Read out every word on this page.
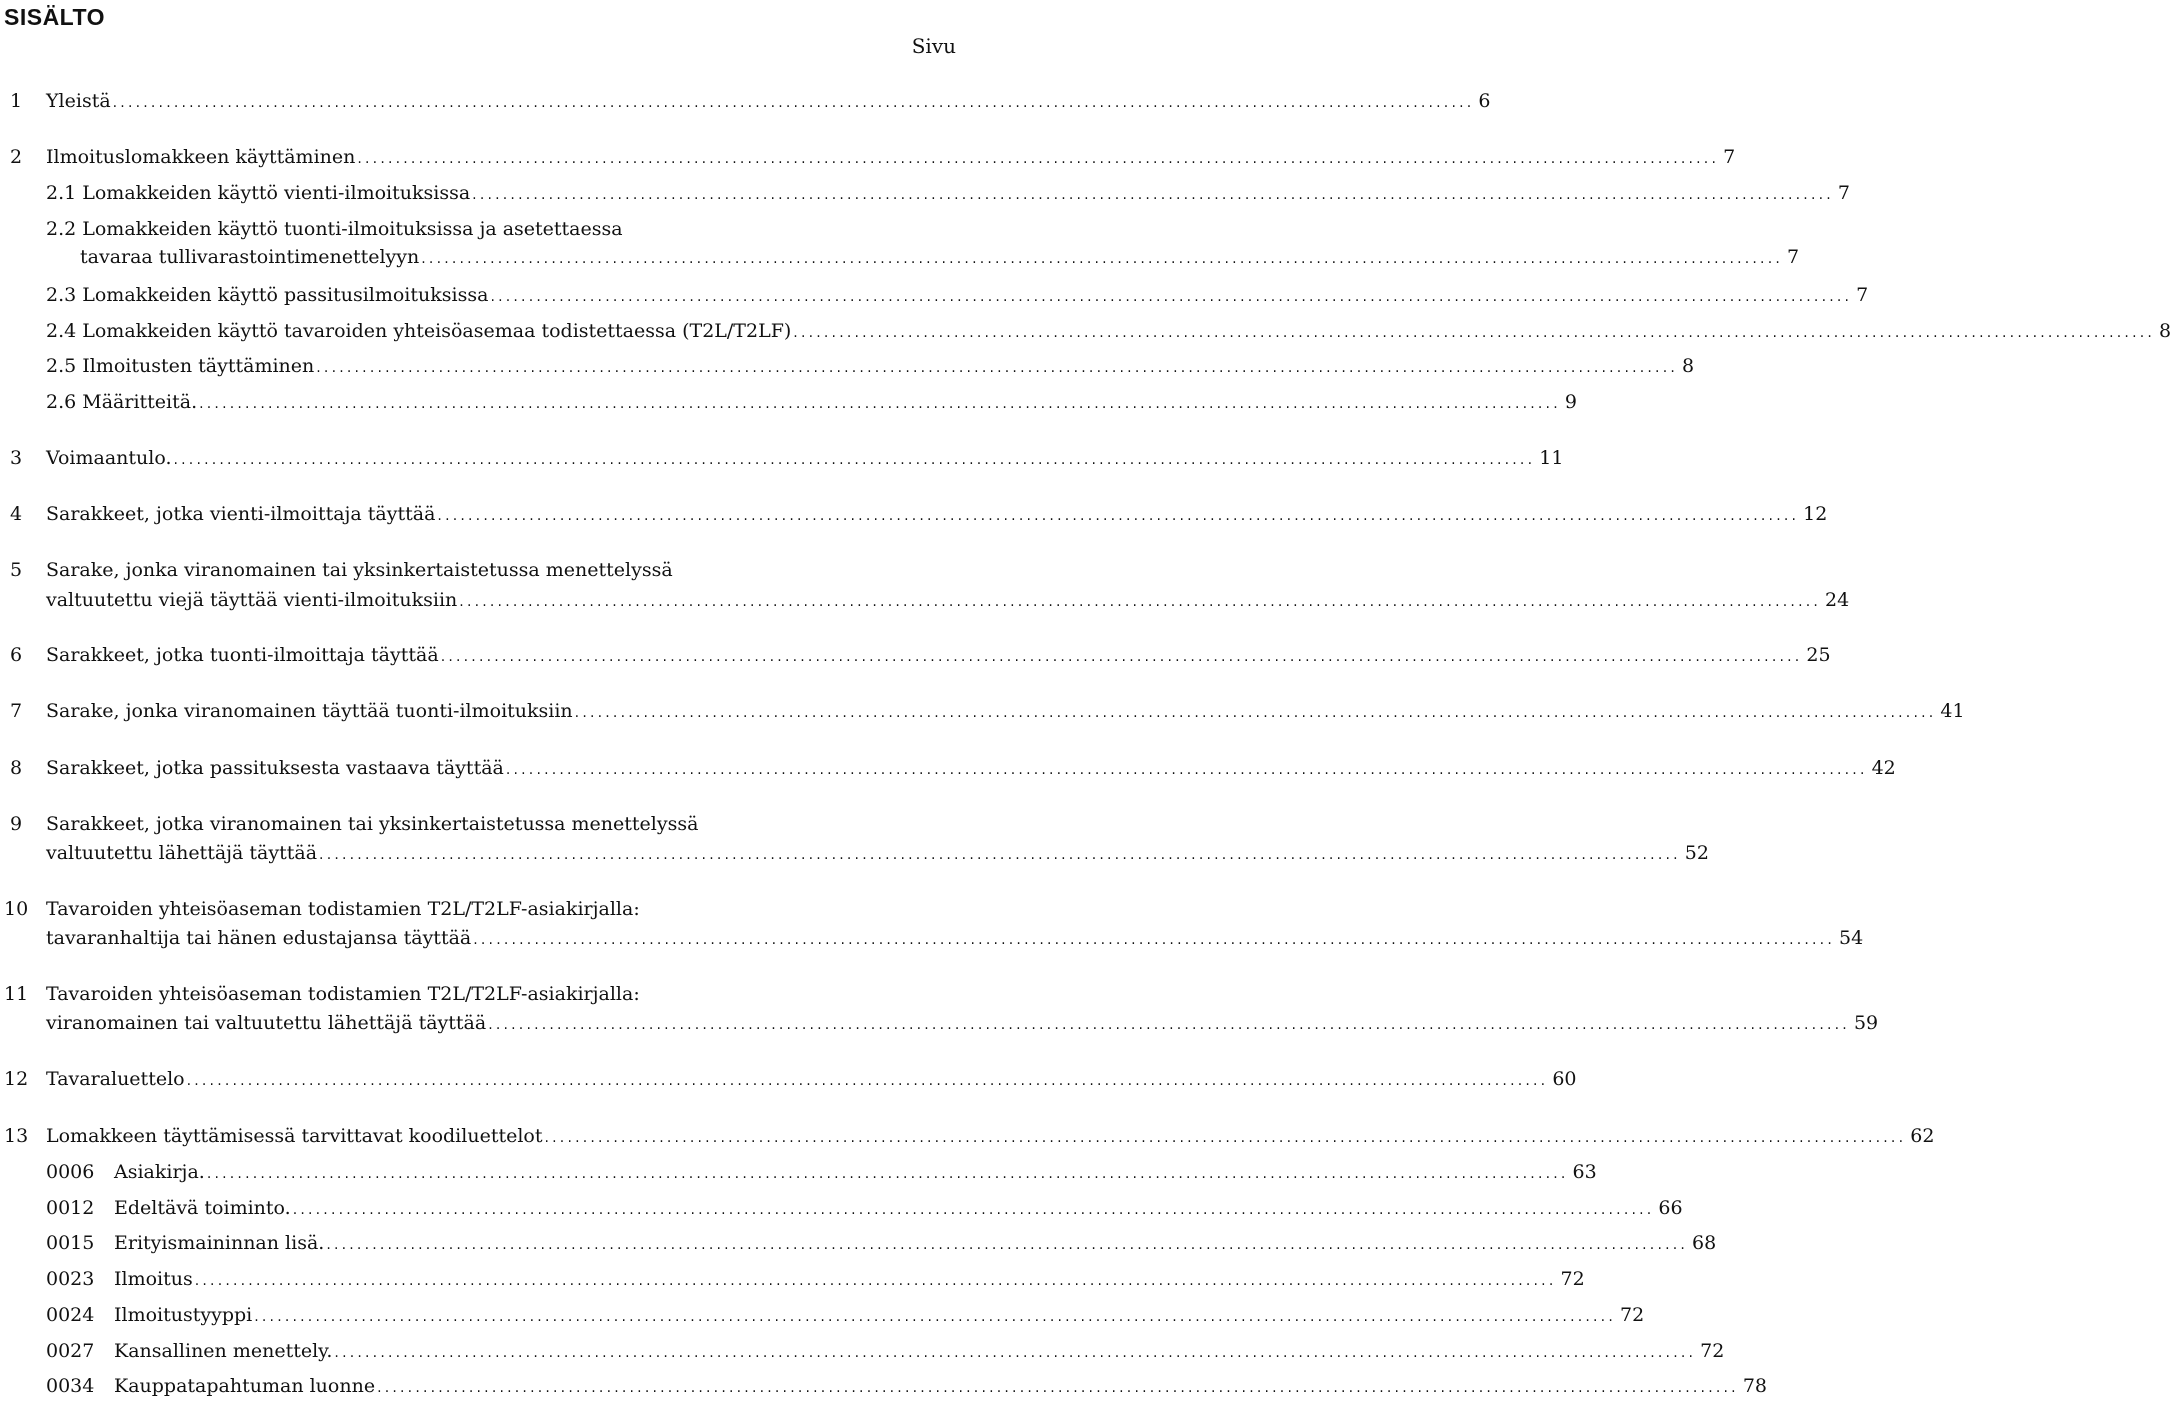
SISÄLTO
Sivu
1 Yleistä .................................................................................................................................................................................. 6
2 Ilmoituslomakkeen käyttäminen .................................................................................................................................................................................. 7
2.1 Lomakkeiden käyttö vienti-ilmoituksissa .................................................................................................................................................................................. 7
2.2 Lomakkeiden käyttö tuonti-ilmoituksissa ja asetettaessa
tavaraa tullivarastointimenettelyyn .................................................................................................................................................................................. 7
2.3 Lomakkeiden käyttö passitusilmoituksissa .................................................................................................................................................................................. 7
2.4 Lomakkeiden käyttö tavaroiden yhteisöasemaa todistettaessa (T2L/T2LF) .................................................................................................................................................................................. 8
2.5 Ilmoitusten täyttäminen .................................................................................................................................................................................. 8
2.6 Määritteitä. .................................................................................................................................................................................. 9
3 Voimaantulo. .................................................................................................................................................................................. 11
4 Sarakkeet, jotka vienti-ilmoittaja täyttää .................................................................................................................................................................................. 12
5 Sarake, jonka viranomainen tai yksinkertaistetussa menettelyssä
valtuutettu viejä täyttää vienti-ilmoituksiin .................................................................................................................................................................................. 24
6 Sarakkeet, jotka tuonti-ilmoittaja täyttää .................................................................................................................................................................................. 25
7 Sarake, jonka viranomainen täyttää tuonti-ilmoituksiin .................................................................................................................................................................................. 41
8 Sarakkeet, jotka passituksesta vastaava täyttää .................................................................................................................................................................................. 42
9 Sarakkeet, jotka viranomainen tai yksinkertaistetussa menettelyssä
valtuutettu lähettäjä täyttää .................................................................................................................................................................................. 52
10 Tavaroiden yhteisöaseman todistamien T2L/T2LF-asiakirjalla:
tavaranhaltija tai hänen edustajansa täyttää .................................................................................................................................................................................. 54
11 Tavaroiden yhteisöaseman todistamien T2L/T2LF-asiakirjalla:
viranomainen tai valtuutettu lähettäjä täyttää .................................................................................................................................................................................. 59
12 Tavaraluettelo .................................................................................................................................................................................. 60
13 Lomakkeen täyttämisessä tarvittavat koodiluettelot .................................................................................................................................................................................. 62
0006	Asiakirja. .................................................................................................................................................................................. 63
0012	Edeltävä toiminto. .................................................................................................................................................................................. 66
0015	Erityismaininnan lisä. .................................................................................................................................................................................. 68
0023	Ilmoitus .................................................................................................................................................................................. 72
0024	Ilmoitustyyppi .................................................................................................................................................................................. 72
0027	Kansallinen menettely. .................................................................................................................................................................................. 72
0034	Kauppatapahtuman luonne .................................................................................................................................................................................. 78
